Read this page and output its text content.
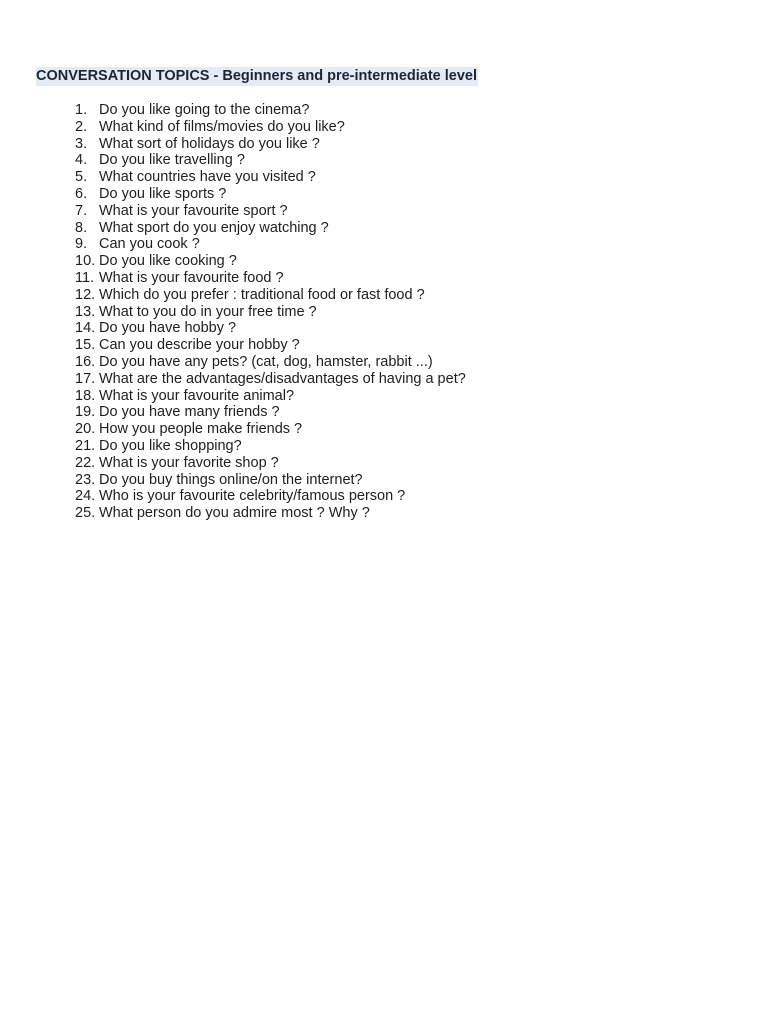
CONVERSATION TOPICS - Beginners and pre-intermediate level
1. Do you like going to the cinema?
2. What kind of films/movies do you like?
3. What sort of holidays do you like ?
4. Do you like travelling ?
5. What countries have you visited ?
6. Do you like sports ?
7. What is your favourite sport ?
8. What sport do you enjoy watching ?
9. Can you cook ?
10. Do you like cooking ?
11. What is your favourite food ?
12. Which do you prefer : traditional food or fast food ?
13. What to you do in your free time ?
14. Do you have hobby ?
15. Can you describe your hobby ?
16. Do you have any pets? (cat, dog, hamster, rabbit ...)
17. What are the advantages/disadvantages of having a pet?
18. What is your favourite animal?
19. Do you have many friends ?
20. How you people make friends ?
21. Do you like shopping?
22. What is your favorite shop ?
23. Do you buy things online/on the internet?
24. Who is your favourite celebrity/famous person ?
25. What person do you admire most ? Why ?
